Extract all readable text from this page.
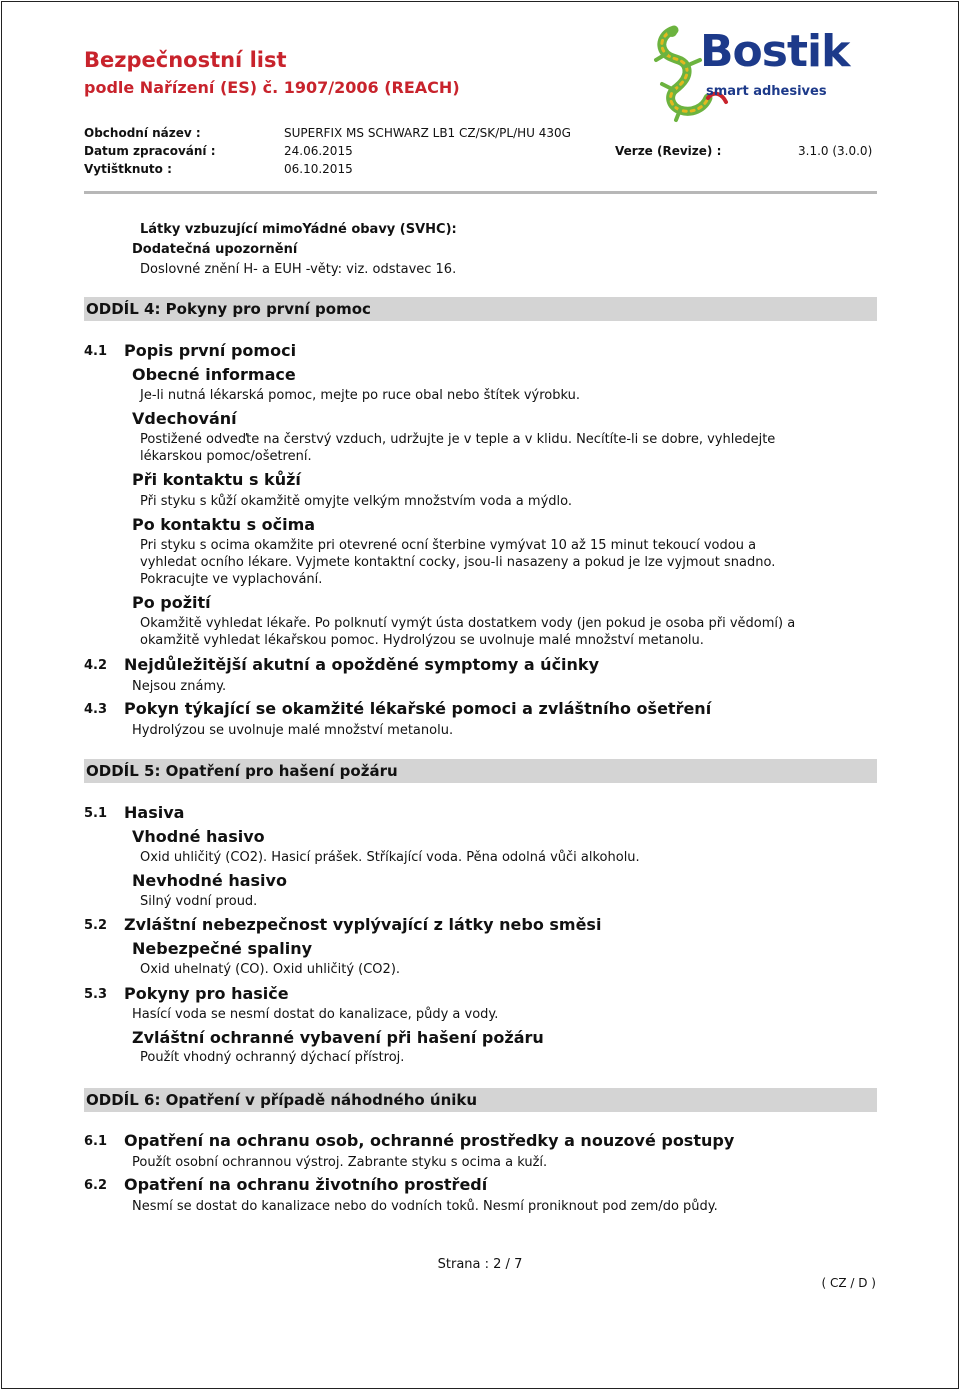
Bezpečnostní list
podle Nařízení (ES) č. 1907/2006 (REACH)
Bostik
smart adhesives
Obchodní název :	SUPERFIX MS SCHWARZ LB1 CZ/SK/PL/HU 430G
Datum zpracování :	24.06.2015	Verze (Revize) :	3.1.0 (3.0.0)
Vytištknuto :	06.10.2015
Látky vzbuzující mimoYádné obavy (SVHC):
Dodatečná upozornění
Doslovné znění H- a EUH -věty: viz. odstavec 16.
ODDÍL 4: Pokyny pro první pomoc
4.1 Popis první pomoci
Obecné informace
Je-li nutná lékarská pomoc, mejte po ruce obal nebo štítek výrobku.
Vdechování
Postižené odveďte na čerstvý vzduch, udržujte je v teple a v klidu. Necítíte-li se dobre, vyhledejte
lékarskou pomoc/ošetrení.
Při kontaktu s kůží
Při styku s kůží okamžitě omyjte velkým množstvím voda a mýdlo.
Po kontaktu s očima
Pri styku s ocima okamžite pri otevrené ocní šterbine vymývat 10 až 15 minut tekoucí vodou a
vyhledat ocního lékare. Vyjmete kontaktní cocky, jsou-li nasazeny a pokud je lze vyjmout snadno.
Pokracujte ve vyplachování.
Po požití
Okamžitě vyhledat lékaře. Po polknutí vymýt ústa dostatkem vody (jen pokud je osoba při vědomí) a
okamžitě vyhledat lékařskou pomoc. Hydrolýzou se uvolnuje malé množství metanolu.
4.2 Nejdůležitější akutní a opožděné symptomy a účinky
Nejsou známy.
4.3 Pokyn týkající se okamžité lékařské pomoci a zvláštního ošetření
Hydrolýzou se uvolnuje malé množství metanolu.
ODDÍL 5: Opatření pro hašení požáru
5.1 Hasiva
Vhodné hasivo
Oxid uhličitý (CO2). Hasicí prášek. Stříkající voda. Pěna odolná vůči alkoholu.
Nevhodné hasivo
Silný vodní proud.
5.2 Zvláštní nebezpečnost vyplývající z látky nebo směsi
Nebezpečné spaliny
Oxid uhelnatý (CO). Oxid uhličitý (CO2).
5.3 Pokyny pro hasiče
Hasící voda se nesmí dostat do kanalizace, půdy a vody.
Zvláštní ochranné vybavení při hašení požáru
Použít vhodný ochranný dýchací přístroj.
ODDÍL 6: Opatření v případě náhodného úniku
6.1 Opatření na ochranu osob, ochranné prostředky a nouzové postupy
Použít osobní ochrannou výstroj. Zabrante styku s ocima a kuží.
6.2 Opatření na ochranu životního prostředí
Nesmí se dostat do kanalizace nebo do vodních toků. Nesmí proniknout pod zem/do půdy.
Strana : 2 / 7
( CZ / D )
